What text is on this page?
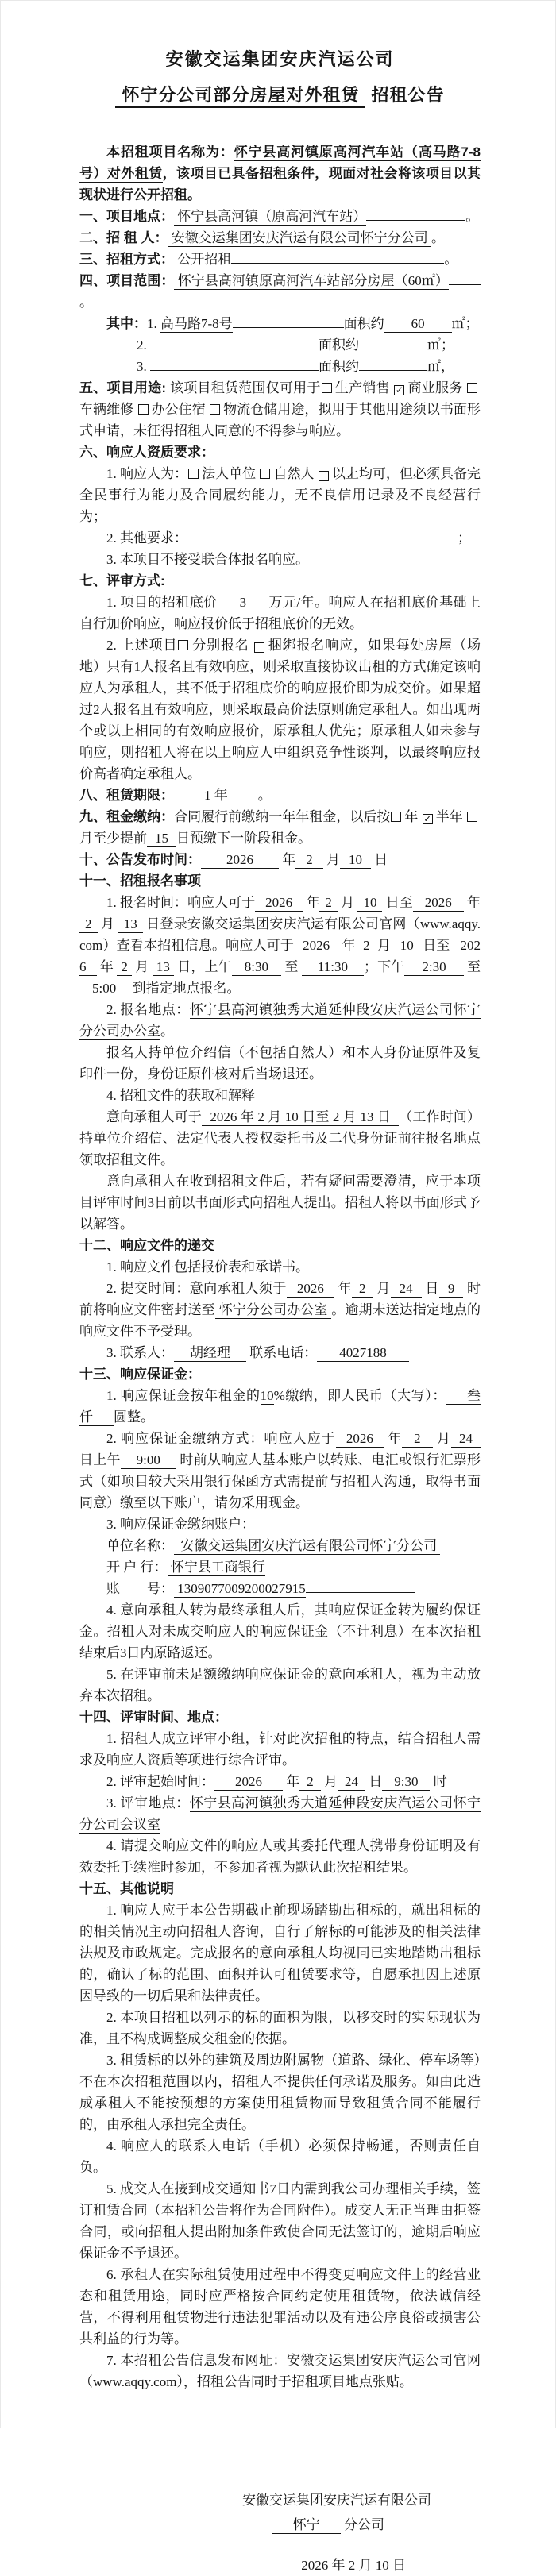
安徽交运集团安庆汽运公司
怀宁分公司部分房屋对外租赁 招租公告

本招租项目名称为：怀宁县高河镇原高河汽车站（高马路7-8号）对外租赁，该项目已具备招租条件，现面对社会将该项目以其现状进行公开招租。

一、项目地点： 怀宁县高河镇（原高河汽车站）	。

二、招 租 人： 安徽交运集团安庆汽运有限公司怀宁分公司 。

三、招租方式： 公开招租	。

四、项目范围： 怀宁县高河镇原高河汽车站部分房屋（60㎡）。

其中：1. 高马路7-8号	面积约 60 ㎡；

2.	面积约	㎡；

3.	面积约	㎡，

五、项目用途: 该项目租赁范围仅可用于 生产销售 ✓商业服务 车辆维修 办公住宿 物流仓储用途，拟用于其他用途须以书面形式申请，未征得招租人同意的不得参与响应。

六、响应人资质要求：

1. 响应人为： 法人单位 自然人 ✓以上均可，但必须具备完全民事行为能力及合同履约能力，无不良信用记录及不良经营行为；

2. 其他要求：	；

3. 本项目不接受联合体报名响应。

七、评审方式:

1. 项目的招租底价 3 万元/年。响应人在招租底价基础上自行加价响应，响应报价低于招租底价的无效。

2. 上述项目 分别报名 ✓捆绑报名响应，如果每处房屋（场地）只有1人报名且有效响应，则采取直接协议出租的方式确定该响应人为承租人，其不低于招租底价的响应报价即为成交价。如果超过2人报名且有效响应，则采取最高价法原则确定承租人。如出现两个或以上相同的有效响应报价，原承租人优先；原承租人如未参与响应，则招租人将在以上响应人中组织竞争性谈判，以最终响应报价高者确定承租人。

八、租赁期限： 1 年 。

九、租金缴纳：合同履行前缴纳一年年租金，以后按 年 ✓半年 月至少提前 15 日预缴下一阶段租金。

十、公告发布时间： 2026 年 2 月 10 日

十一、招租报名事项

1. 报名时间：响应人可于 2026 年 2 月 10 日至 2026 年2 月 13 日登录安徽交运集团安庆汽运有限公司官网（www.aqqy.com）查看本招租信息。响应人可于 2026 年 2 月 10 日至 2026 年 2 月 13 日，上午 8:30 至 11:30 ；下午 2:30 至 5:00 到指定地点报名。

2. 报名地点：怀宁县高河镇独秀大道延伸段安庆汽运公司怀宁分公司办公室。

报名人持单位介绍信（不包括自然人）和本人身份证原件及复印件一份，身份证原件核对后当场退还。

4. 招租文件的获取和解释

意向承租人可于 2026 年 2 月 10 日至 2 月 13 日 （工作时间）持单位介绍信、法定代表人授权委托书及二代身份证前往报名地点领取招租文件。

意向承租人在收到招租文件后，若有疑问需要澄清，应于本项目评审时间3日前以书面形式向招租人提出。招租人将以书面形式予以解答。

十二、响应文件的递交

1. 响应文件包括报价表和承诺书。

2. 提交时间：意向承租人须于 2026 年 2 月 24 日 9 时前将响应文件密封送至 怀宁分公司办公室 。逾期未送达指定地点的响应文件不予受理。

3. 联系人： 胡经理 联系电话： 4027188

十三、响应保证金：

1. 响应保证金按年租金的10%缴纳，即人民币（大写）： 叁仟 圆整。

2. 响应保证金缴纳方式：响应人应于 2026 年 2 月 24 日上午 9:00 时前从响应人基本账户以转账、电汇或银行汇票形式（如项目较大采用银行保函方式需提前与招租人沟通，取得书面同意）缴至以下账户，请勿采用现金。

3. 响应保证金缴纳账户：

单位名称： 安徽交运集团安庆汽运有限公司怀宁分公司

开 户 行： 怀宁县工商银行

账　　号： 1309077009200027915

4. 意向承租人转为最终承租人后，其响应保证金转为履约保证金。招租人对未成交响应人的响应保证金（不计利息）在本次招租结束后3日内原路返还。

5. 在评审前未足额缴纳响应保证金的意向承租人，视为主动放弃本次招租。

十四、评审时间、地点：

1. 招租人成立评审小组，针对此次招租的特点，结合招租人需求及响应人资质等项进行综合评审。

2. 评审起始时间： 2026 年 2 月 24 日 9:30 时

3. 评审地点：怀宁县高河镇独秀大道延伸段安庆汽运公司怀宁分公司会议室

4. 请提交响应文件的响应人或其委托代理人携带身份证明及有效委托手续准时参加，不参加者视为默认此次招租结果。

十五、其他说明

1. 响应人应于本公告期截止前现场踏勘出租标的，就出租标的的相关情况主动向招租人咨询，自行了解标的可能涉及的相关法律法规及市政规定。完成报名的意向承租人均视同已实地踏勘出租标的，确认了标的范围、面积并认可租赁要求等，自愿承担因上述原因导致的一切后果和法律责任。

2. 本项目招租以列示的标的面积为限，以移交时的实际现状为准，且不构成调整成交租金的依据。

3. 租赁标的以外的建筑及周边附属物（道路、绿化、停车场等）不在本次招租范围以内，招租人不提供任何承诺及服务。如由此造成承租人不能按预想的方案使用租赁物而导致租赁合同不能履行的，由承租人承担完全责任。

4. 响应人的联系人电话（手机）必须保持畅通，否则责任自负。

5. 成交人在接到成交通知书7日内需到我公司办理相关手续，签订租赁合同（本招租公告将作为合同附件）。成交人无正当理由拒签合同，或向招租人提出附加条件致使合同无法签订的，逾期后响应保证金不予退还。

6. 承租人在实际租赁使用过程中不得变更响应文件上的经营业态和租赁用途，同时应严格按合同约定使用租赁物，依法诚信经营，不得利用租赁物进行违法犯罪活动以及有违公序良俗或损害公共利益的行为等。

7. 本招租公告信息发布网址：安徽交运集团安庆汽运公司官网（www.aqqy.com），招租公告同时于招租项目地点张贴。

安徽交运集团安庆汽运有限公司

怀宁 分公司

2026 年 2 月 10 日
